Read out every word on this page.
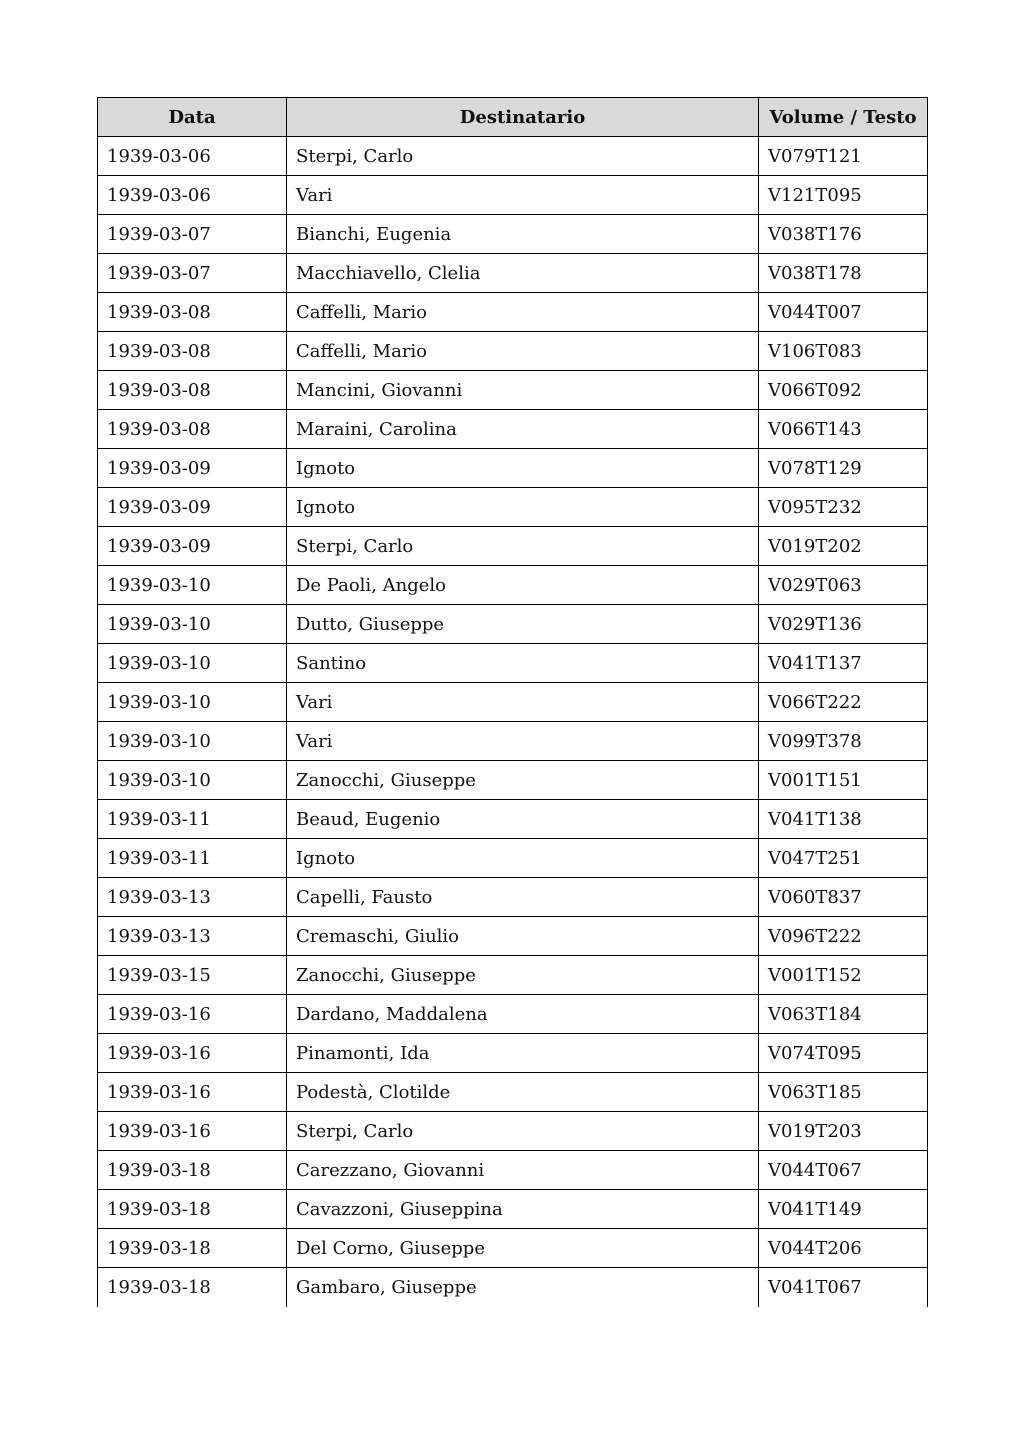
Data	Destinatario	Volume / Testo
1939-03-06	Sterpi, Carlo	V079T121
1939-03-06	Vari	V121T095
1939-03-07	Bianchi, Eugenia	V038T176
1939-03-07	Macchiavello, Clelia	V038T178
1939-03-08	Caffelli, Mario	V044T007
1939-03-08	Caffelli, Mario	V106T083
1939-03-08	Mancini, Giovanni	V066T092
1939-03-08	Maraini, Carolina	V066T143
1939-03-09	Ignoto	V078T129
1939-03-09	Ignoto	V095T232
1939-03-09	Sterpi, Carlo	V019T202
1939-03-10	De Paoli, Angelo	V029T063
1939-03-10	Dutto, Giuseppe	V029T136
1939-03-10	Santino	V041T137
1939-03-10	Vari	V066T222
1939-03-10	Vari	V099T378
1939-03-10	Zanocchi, Giuseppe	V001T151
1939-03-11	Beaud, Eugenio	V041T138
1939-03-11	Ignoto	V047T251
1939-03-13	Capelli, Fausto	V060T837
1939-03-13	Cremaschi, Giulio	V096T222
1939-03-15	Zanocchi, Giuseppe	V001T152
1939-03-16	Dardano, Maddalena	V063T184
1939-03-16	Pinamonti, Ida	V074T095
1939-03-16	Podestà, Clotilde	V063T185
1939-03-16	Sterpi, Carlo	V019T203
1939-03-18	Carezzano, Giovanni	V044T067
1939-03-18	Cavazzoni, Giuseppina	V041T149
1939-03-18	Del Corno, Giuseppe	V044T206
1939-03-18	Gambaro, Giuseppe	V041T067
